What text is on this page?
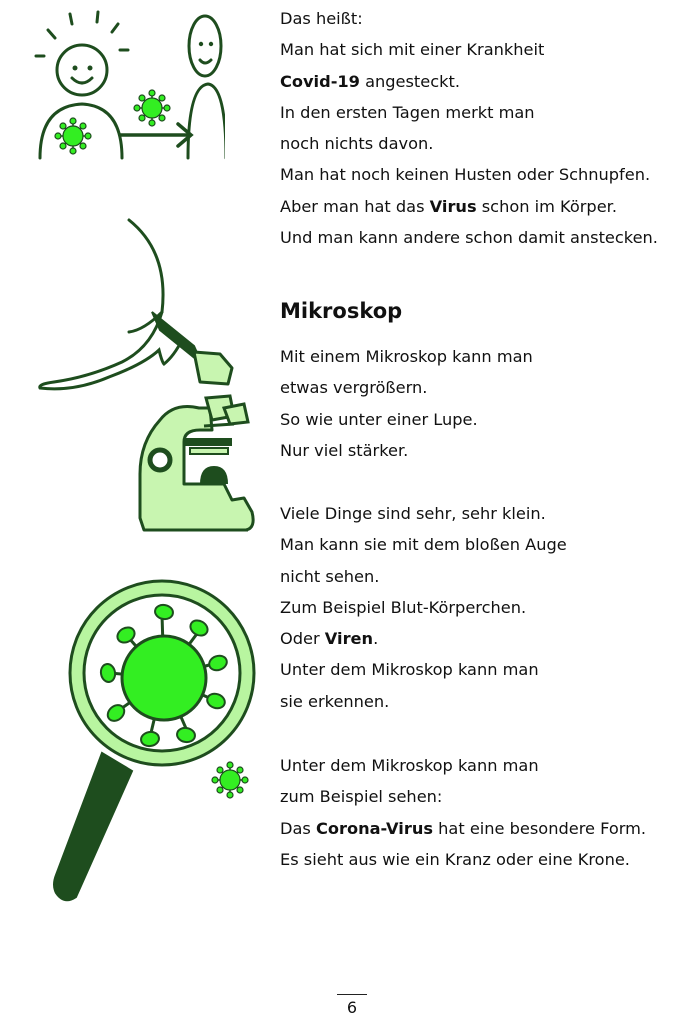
Das heißt:

Man hat sich mit einer Krankheit

Covid-19 angesteckt.

In den ersten Tagen merkt man

noch nichts davon.

Man hat noch keinen Husten oder Schnupfen.

Aber man hat das Virus schon im Körper.

Und man kann andere schon damit anstecken.

Mikroskop

Mit einem Mikroskop kann man

etwas vergrößern.

So wie unter einer Lupe.

Nur viel stärker.

Viele Dinge sind sehr, sehr klein.

Man kann sie mit dem bloßen Auge

nicht sehen.

Zum Beispiel Blut-Körperchen.

Oder Viren.

Unter dem Mikroskop kann man

sie erkennen.

Unter dem Mikroskop kann man

zum Beispiel sehen:

Das Corona-Virus hat eine besondere Form.

Es sieht aus wie ein Kranz oder eine Krone.

6
